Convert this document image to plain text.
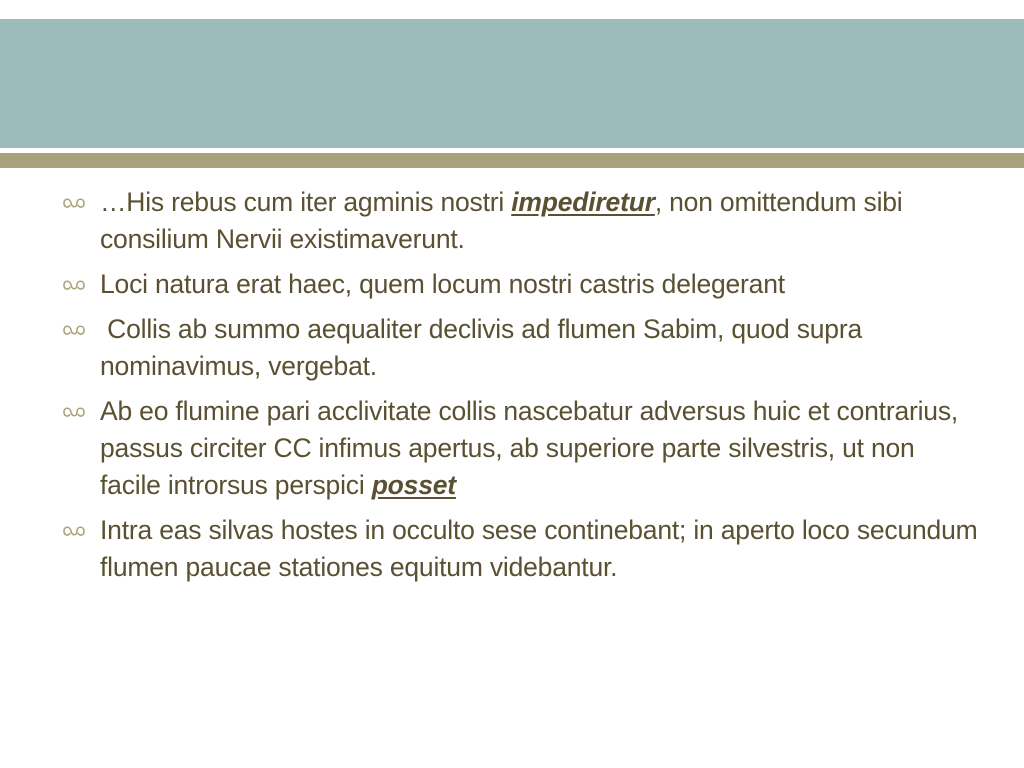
…His rebus cum iter agminis nostri impediretur, non omittendum sibi consilium Nervii existimaverunt.
Loci natura erat haec, quem locum nostri castris delegerant
Collis ab summo aequaliter declivis ad flumen Sabim, quod supra nominavimus, vergebat.
Ab eo flumine pari acclivitate collis nascebatur adversus huic et contrarius, passus circiter CC infimus apertus, ab superiore parte silvestris, ut non facile introrsus perspici posset
Intra eas silvas hostes in occulto sese continebant; in aperto loco secundum flumen paucae stationes equitum videbantur.
